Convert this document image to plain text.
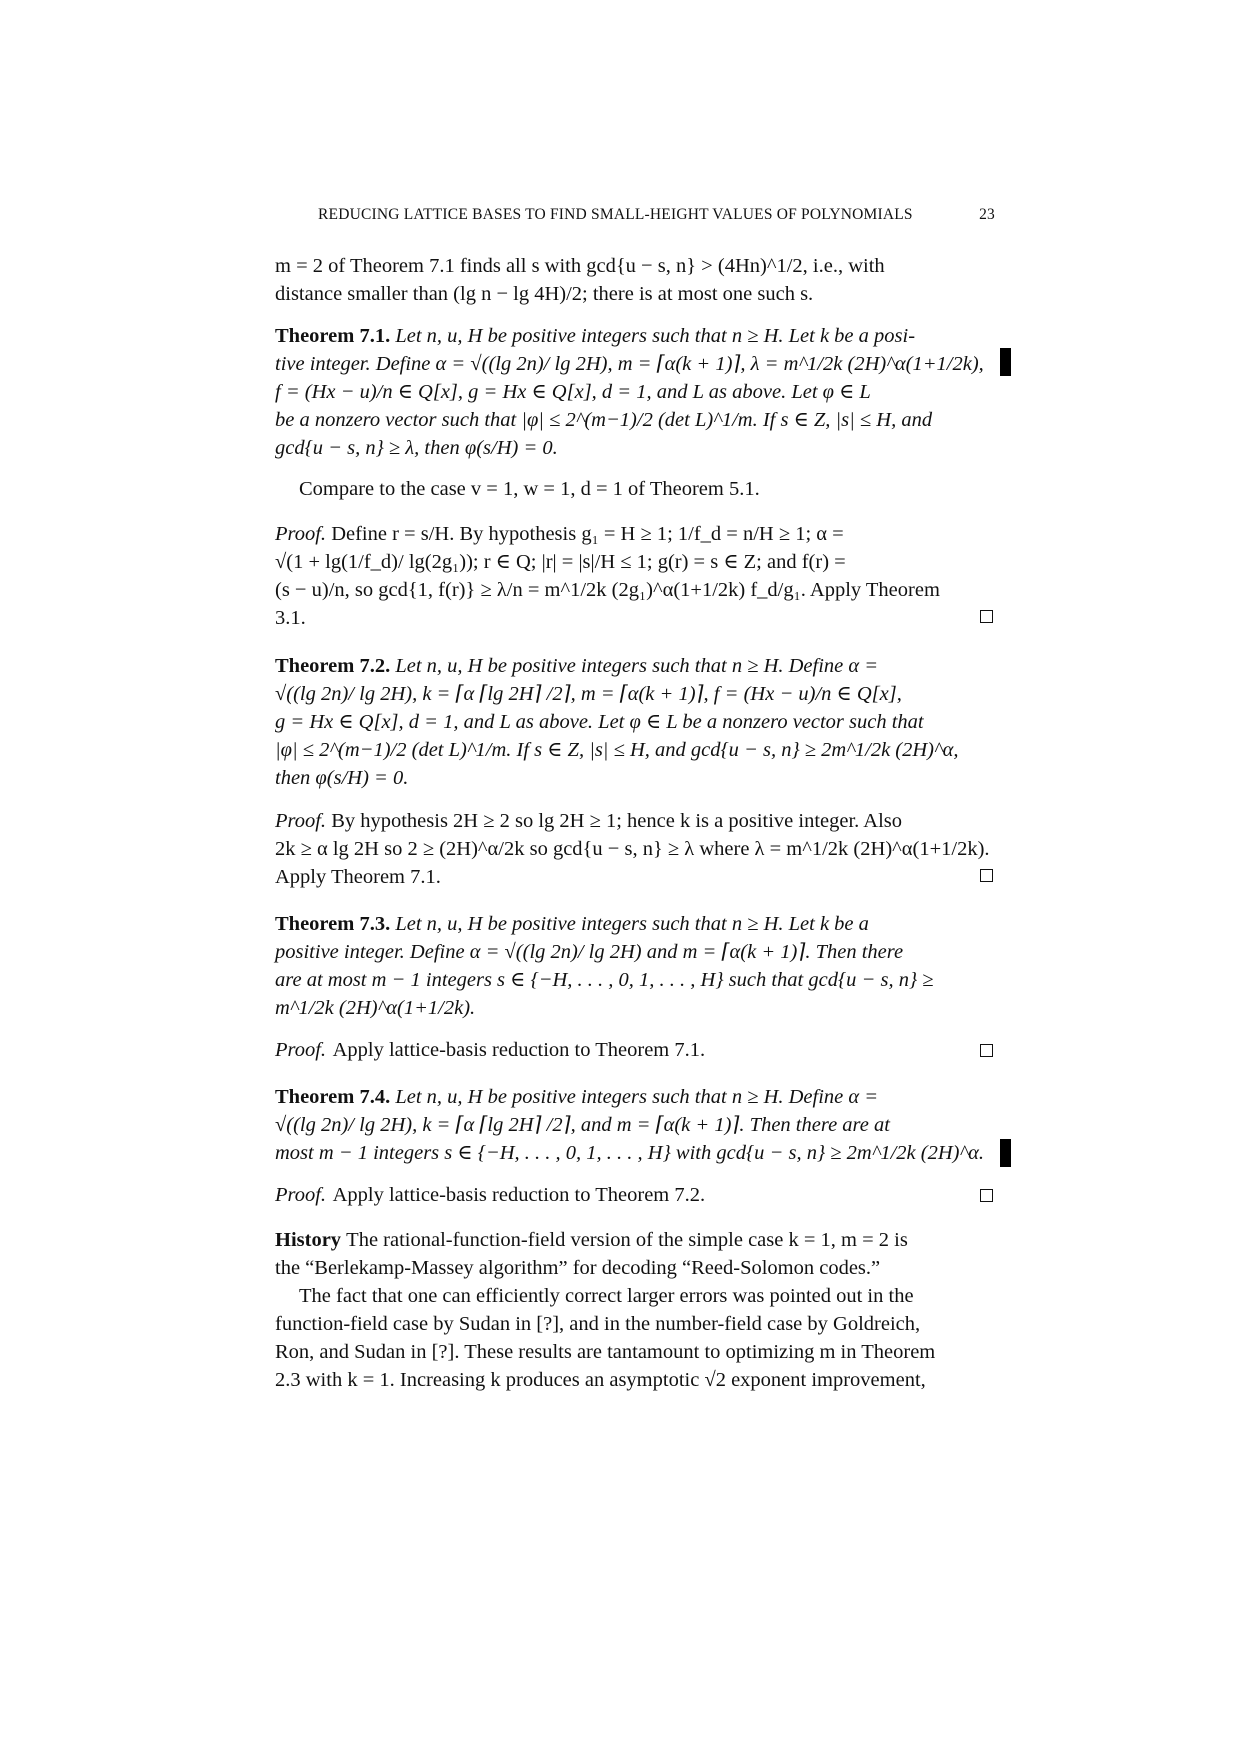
REDUCING LATTICE BASES TO FIND SMALL-HEIGHT VALUES OF POLYNOMIALS	23
m = 2 of Theorem 7.1 finds all s with gcd{u − s, n} > (4Hn)^1/2, i.e., with
distance smaller than (lg n − lg 4H)/2; there is at most one such s.
Theorem 7.1. Let n, u, H be positive integers such that n ≥ H. Let k be a posi-
tive integer. Define α = √((lg 2n)/ lg 2H), m = ⌈α(k + 1)⌉, λ = m^1/2k (2H)^α(1+1/2k),
f = (Hx − u)/n ∈ Q[x], g = Hx ∈ Q[x], d = 1, and L as above. Let φ ∈ L
be a nonzero vector such that |φ| ≤ 2^(m−1)/2 (det L)^1/m. If s ∈ Z, |s| ≤ H, and
gcd{u − s, n} ≥ λ, then φ(s/H) = 0.
Compare to the case v = 1, w = 1, d = 1 of Theorem 5.1.
Proof. Define r = s/H. By hypothesis g₁ = H ≥ 1; 1/f_d = n/H ≥ 1; α =
√(1 + lg(1/f_d)/ lg(2g₁)); r ∈ Q; |r| = |s|/H ≤ 1; g(r) = s ∈ Z; and f(r) =
(s − u)/n, so gcd{1, f(r)} ≥ λ/n = m^1/2k (2g₁)^α(1+1/2k) f_d/g₁. Apply Theorem
3.1.
Theorem 7.2. Let n, u, H be positive integers such that n ≥ H. Define α =
√((lg 2n)/ lg 2H), k = ⌈α ⌈lg 2H⌉ /2⌉, m = ⌈α(k + 1)⌉, f = (Hx − u)/n ∈ Q[x],
g = Hx ∈ Q[x], d = 1, and L as above. Let φ ∈ L be a nonzero vector such that
|φ| ≤ 2^(m−1)/2 (det L)^1/m. If s ∈ Z, |s| ≤ H, and gcd{u − s, n} ≥ 2m^1/2k (2H)^α,
then φ(s/H) = 0.
Proof. By hypothesis 2H ≥ 2 so lg 2H ≥ 1; hence k is a positive integer. Also
2k ≥ α lg 2H so 2 ≥ (2H)^α/2k so gcd{u − s, n} ≥ λ where λ = m^1/2k (2H)^α(1+1/2k).
Apply Theorem 7.1.
Theorem 7.3. Let n, u, H be positive integers such that n ≥ H. Let k be a
positive integer. Define α = √((lg 2n)/ lg 2H) and m = ⌈α(k + 1)⌉. Then there
are at most m − 1 integers s ∈ {−H, . . . , 0, 1, . . . , H} such that gcd{u − s, n} ≥
m^1/2k (2H)^α(1+1/2k).
Proof. Apply lattice-basis reduction to Theorem 7.1.
Theorem 7.4. Let n, u, H be positive integers such that n ≥ H. Define α =
√((lg 2n)/ lg 2H), k = ⌈α ⌈lg 2H⌉ /2⌉, and m = ⌈α(k + 1)⌉. Then there are at
most m − 1 integers s ∈ {−H, . . . , 0, 1, . . . , H} with gcd{u − s, n} ≥ 2m^1/2k (2H)^α.
Proof. Apply lattice-basis reduction to Theorem 7.2.
History The rational-function-field version of the simple case k = 1, m = 2 is
the “Berlekamp-Massey algorithm” for decoding “Reed-Solomon codes.”
The fact that one can efficiently correct larger errors was pointed out in the
function-field case by Sudan in [?], and in the number-field case by Goldreich,
Ron, and Sudan in [?]. These results are tantamount to optimizing m in Theorem
2.3 with k = 1. Increasing k produces an asymptotic √2 exponent improvement,
